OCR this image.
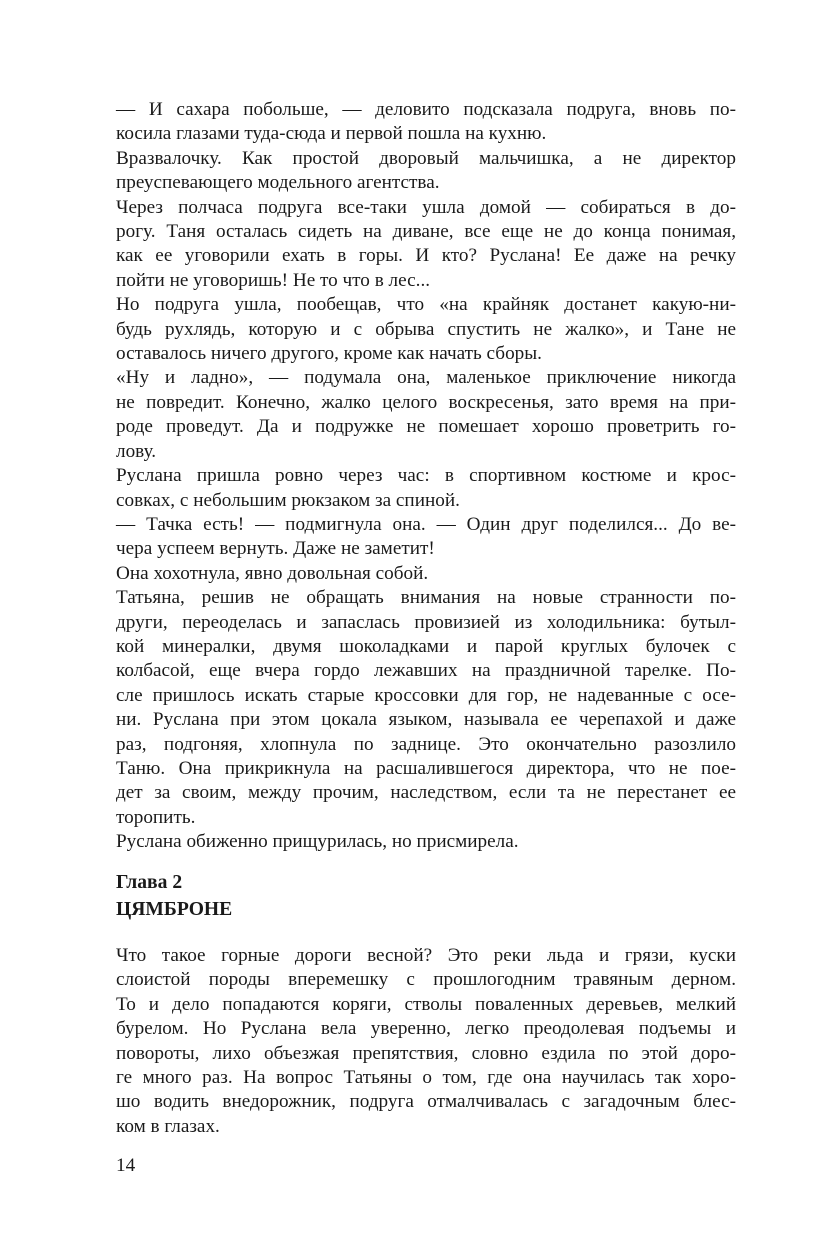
— И сахара побольше, — деловито подсказала подруга, вновь по-
косила глазами туда-сюда и первой пошла на кухню.
Вразвалочку. Как простой дворовый мальчишка, а не директор
преуспевающего модельного агентства.
Через полчаса подруга все-таки ушла домой — собираться в до-
рогу. Таня осталась сидеть на диване, все еще не до конца понимая,
как ее уговорили ехать в горы. И кто? Руслана! Ее даже на речку
пойти не уговоришь! Не то что в лес...
Но подруга ушла, пообещав, что «на крайняк достанет какую-ни-
будь рухлядь, которую и с обрыва спустить не жалко», и Тане не
оставалось ничего другого, кроме как начать сборы.
«Ну и ладно», — подумала она, маленькое приключение никогда
не повредит. Конечно, жалко целого воскресенья, зато время на при-
роде проведут. Да и подружке не помешает хорошо проветрить го-
лову.
Руслана пришла ровно через час: в спортивном костюме и крос-
совках, с небольшим рюкзаком за спиной.
— Тачка есть! — подмигнула она. — Один друг поделился... До ве-
чера успеем вернуть. Даже не заметит!
Она хохотнула, явно довольная собой.
Татьяна, решив не обращать внимания на новые странности по-
други, переоделась и запаслась провизией из холодильника: бутыл-
кой минералки, двумя шоколадками и парой круглых булочек с
колбасой, еще вчера гордо лежавших на праздничной тарелке. По-
сле пришлось искать старые кроссовки для гор, не надеванные с осе-
ни. Руслана при этом цокала языком, называла ее черепахой и даже
раз, подгоняя, хлопнула по заднице. Это окончательно разозлило
Таню. Она прикрикнула на расшалившегося директора, что не пое-
дет за своим, между прочим, наследством, если та не перестанет ее
торопить.
Руслана обиженно прищурилась, но присмирела.
Глава 2
ЦЯМБРОНЕ
Что такое горные дороги весной? Это реки льда и грязи, куски
слоистой породы вперемешку с прошлогодним травяным дерном.
То и дело попадаются коряги, стволы поваленных деревьев, мелкий
бурелом. Но Руслана вела уверенно, легко преодолевая подъемы и
повороты, лихо объезжая препятствия, словно ездила по этой доро-
ге много раз. На вопрос Татьяны о том, где она научилась так хоро-
шо водить внедорожник, подруга отмалчивалась с загадочным блес-
ком в глазах.
14
